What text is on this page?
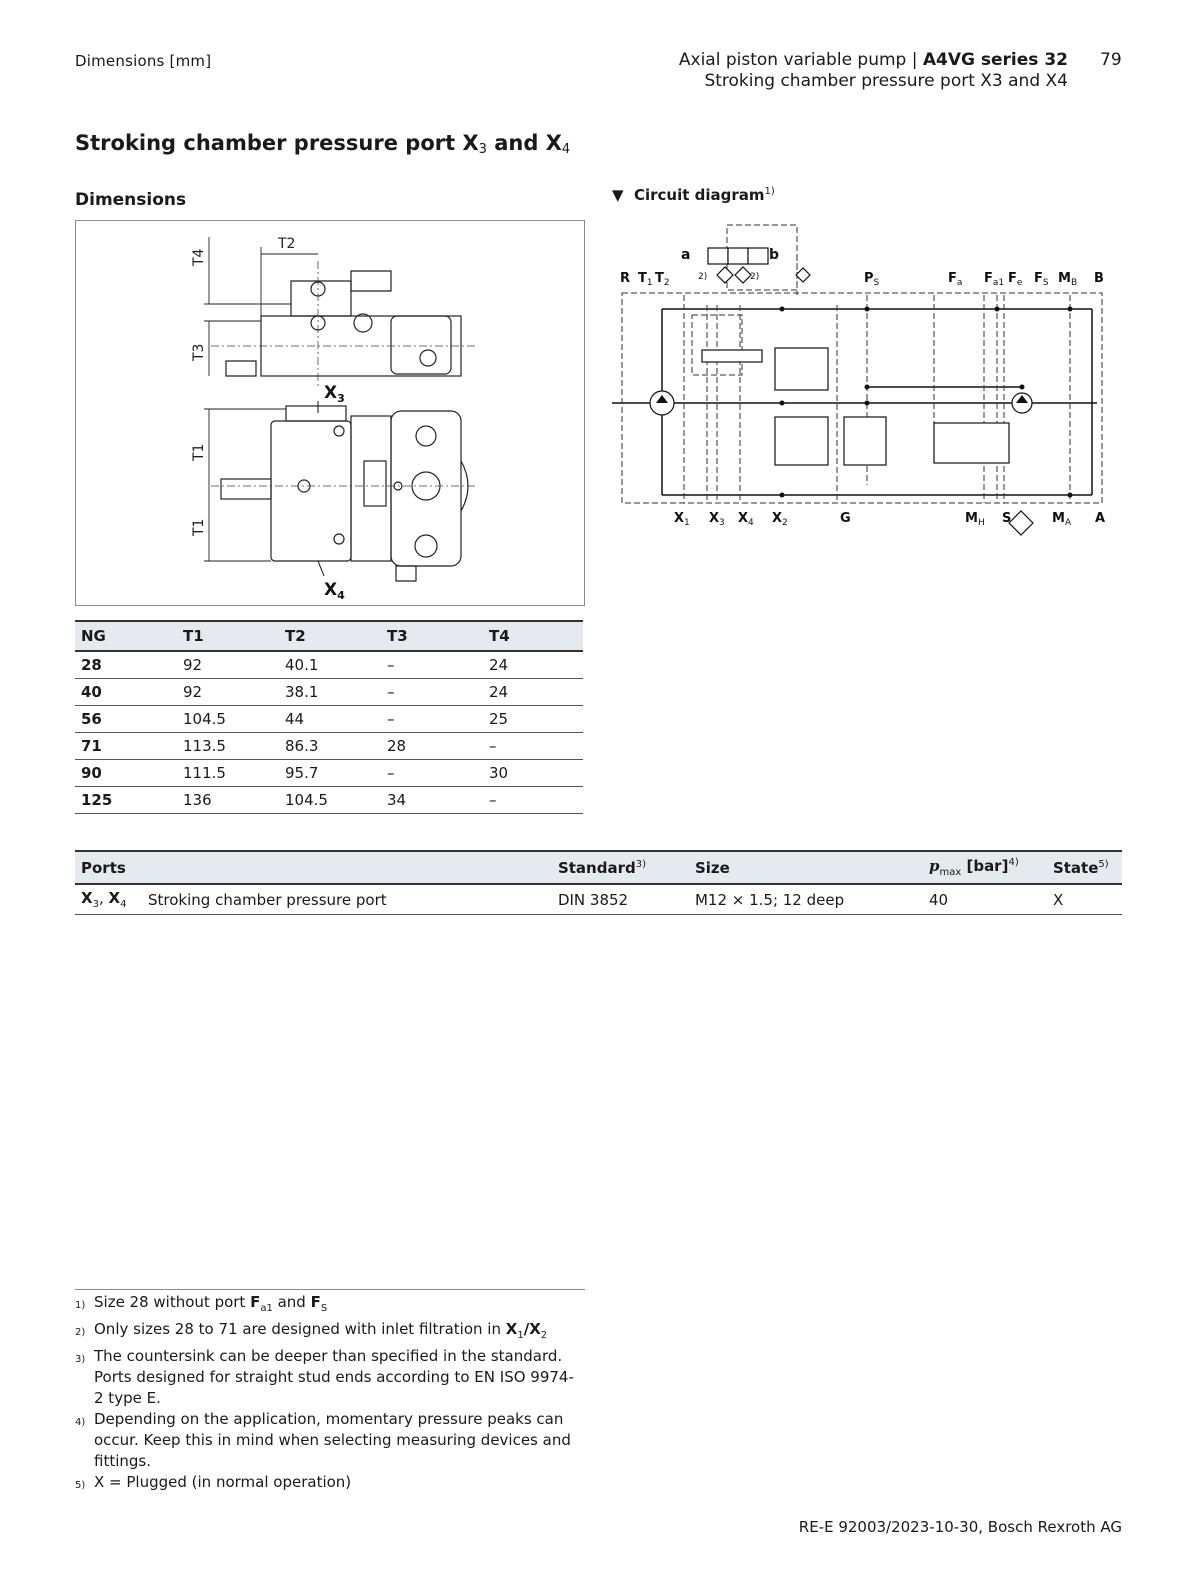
Dimensions [mm]	Axial piston variable pump | A4VG series 32
Stroking chamber pressure port X3 and X4
79
Stroking chamber pressure port $X_3$ and $X_4$
Dimensions
T4
T2
T3
T1
T1
$X_3$
$X_4$
▼  Circuit diagram$^{1)}$
a	b
2)	2)
R $T_1$ $T_2$	$P_S$	$F_a$ $F_{a1}$ $F_e$ $F_S$ $M_B$ B
$X_1$ $X_3$ $X_4$ $X_2$	G	$M_H$ S	$M_A$ A
NG	T1	T2	T3	T4
28	92	40.1	–	24
40	92	38.1	–	24
56	104.5	44	–	25
71	113.5	86.3	28	–
90	111.5	95.7	–	30
125	136	104.5	34	–
Ports		Standard$^{3)}$	Size	$p_{max}$ [bar]$^{4)}$	State$^{5)}$
$X_3$, $X_4$	Stroking chamber pressure port	DIN 3852	M12 × 1.5; 12 deep	40	X
1) Size 28 without port $F_{a1}$ and $F_S$
2) Only sizes 28 to 71 are designed with inlet filtration in $X_1/X_2$
3) The countersink can be deeper than specified in the standard. Ports designed for straight stud ends according to EN ISO 9974-2 type E.
4) Depending on the application, momentary pressure peaks can occur. Keep this in mind when selecting measuring devices and fittings.
5) X = Plugged (in normal operation)
RE-E 92003/2023-10-30, Bosch Rexroth AG
